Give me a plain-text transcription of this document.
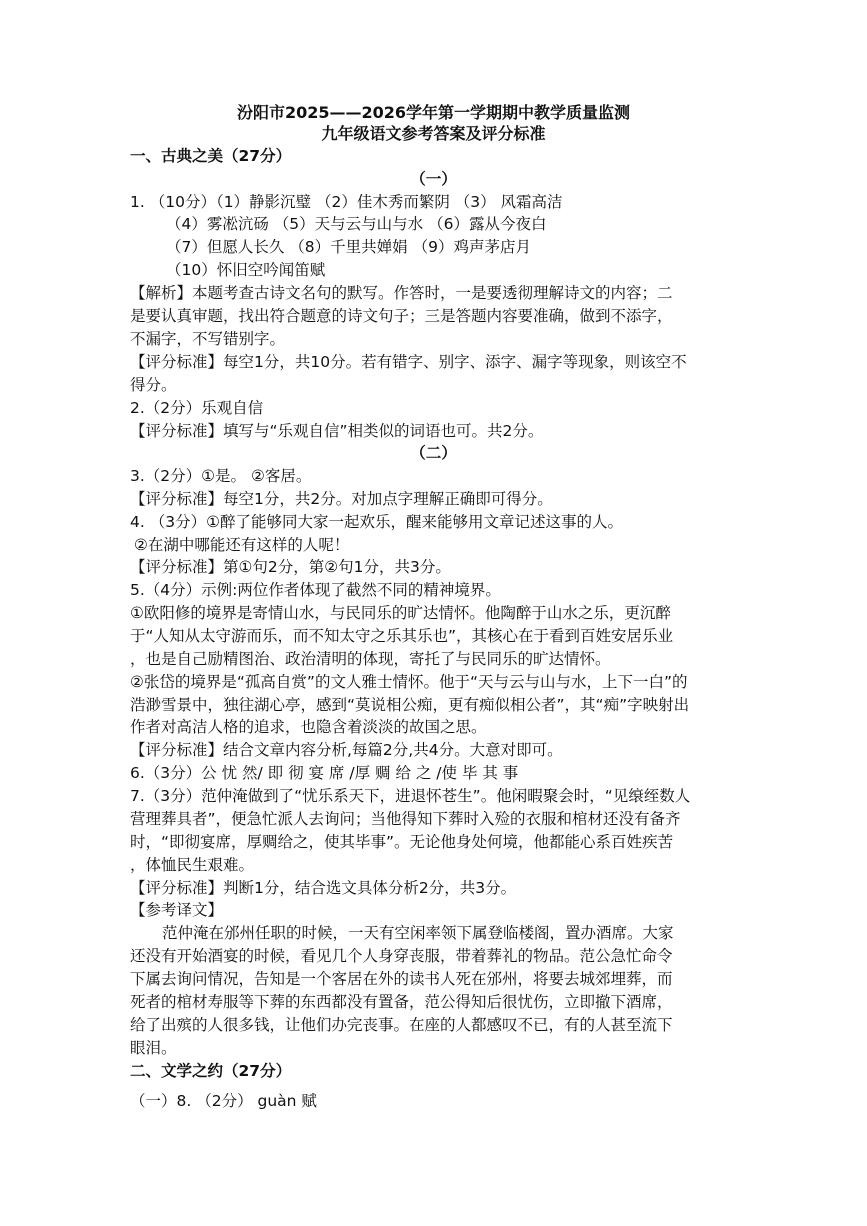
汾阳市2025——2026学年第一学期期中教学质量监测
九年级语文参考答案及评分标准
一、古典之美（27分）
（一）
1. （10分）（1）静影沉璧 （2）佳木秀而繁阴 （3） 风霜高洁
（4）雾凇沆砀 （5）天与云与山与水 （6）露从今夜白
（7）但愿人长久 （8）千里共婵娟 （9）鸡声茅店月
（10）怀旧空吟闻笛赋
【解析】本题考查古诗文名句的默写。作答时，一是要透彻理解诗文的内容；二
是要认真审题，找出符合题意的诗文句子；三是答题内容要准确，做到不添字，
不漏字，不写错别字。
【评分标准】每空1分，共10分。若有错字、别字、添字、漏字等现象，则该空不
得分。
2.（2分）乐观自信
【评分标准】填写与“乐观自信”相类似的词语也可。共2分。
（二）
3.（2分）①是。 ②客居。
【评分标准】每空1分，共2分。对加点字理解正确即可得分。
4. （3分）①醉了能够同大家一起欢乐，醒来能够用文章记述这事的人。
②在湖中哪能还有这样的人呢！
【评分标准】第①句2分，第②句1分，共3分。
5.（4分）示例:两位作者体现了截然不同的精神境界。
①欧阳修的境界是寄情山水，与民同乐的旷达情怀。他陶醉于山水之乐，更沉醉
于“人知从太守游而乐，而不知太守之乐其乐也”，其核心在于看到百姓安居乐业
，也是自己励精图治、政治清明的体现，寄托了与民同乐的旷达情怀。
②张岱的境界是“孤高自赏”的文人雅士情怀。他于“天与云与山与水，上下一白”的
浩渺雪景中，独往湖心亭，感到“莫说相公痴，更有痴似相公者”，其“痴”字映射出
作者对高洁人格的追求，也隐含着淡淡的故国之思。
【评分标准】结合文章内容分析,每篇2分,共4分。大意对即可。
6.（3分）公 忧 然/ 即 彻 宴 席 /厚 赒 给 之 /使 毕 其 事
7.（3分）范仲淹做到了“忧乐系天下，进退怀苍生”。他闲暇聚会时，“见缞绖数人
营理葬具者”，便急忙派人去询问；当他得知下葬时入殓的衣服和棺材还没有备齐
时，“即彻宴席，厚赒给之，使其毕事”。无论他身处何境，他都能心系百姓疾苦
，体恤民生艰难。
【评分标准】判断1分，结合选文具体分析2分，共3分。
【参考译文】
范仲淹在邠州任职的时候，一天有空闲率领下属登临楼阁，置办酒席。大家
还没有开始酒宴的时候，看见几个人身穿丧服，带着葬礼的物品。范公急忙命令
下属去询问情况，告知是一个客居在外的读书人死在邠州，将要去城郊埋葬，而
死者的棺材寿服等下葬的东西都没有置备，范公得知后很忧伤，立即撤下酒席，
给了出殡的人很多钱，让他们办完丧事。在座的人都感叹不已，有的人甚至流下
眼泪。
二、文学之约（27分）
（一）8. （2分） guàn 赋
